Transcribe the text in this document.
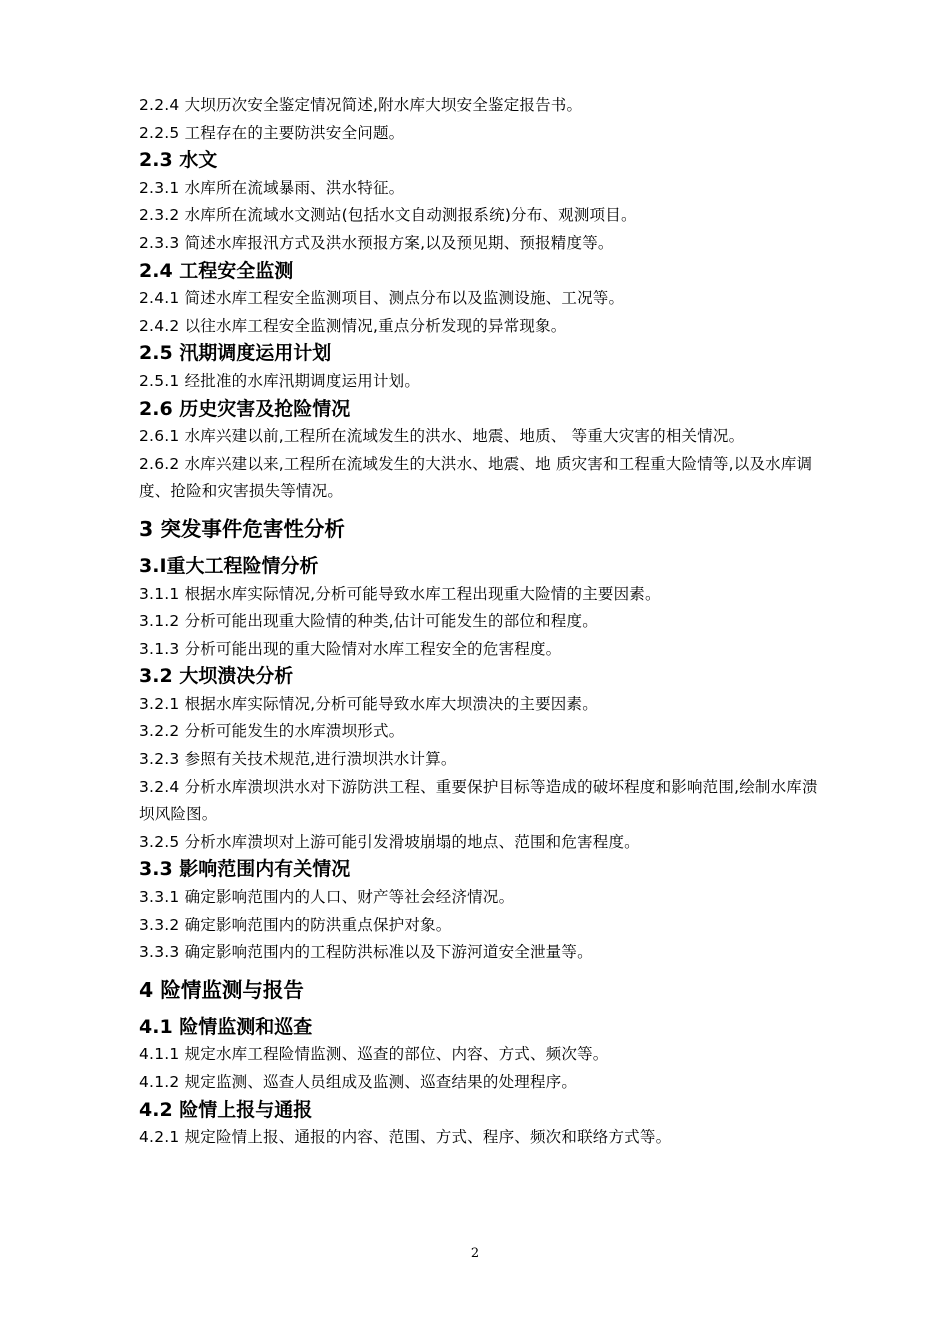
2.2.4 大坝历次安全鉴定情况简述,附水库大坝安全鉴定报告书。
2.2.5 工程存在的主要防洪安全问题。
2.3 水文
2.3.1 水库所在流域暴雨、洪水特征。
2.3.2 水库所在流域水文测站(包括水文自动测报系统)分布、观测项目。
2.3.3 简述水库报汛方式及洪水预报方案,以及预见期、预报精度等。
2.4 工程安全监测
2.4.1 简述水库工程安全监测项目、测点分布以及监测设施、工况等。
2.4.2 以往水库工程安全监测情况,重点分析发现的异常现象。
2.5 汛期调度运用计划
2.5.1 经批准的水库汛期调度运用计划。
2.6 历史灾害及抢险情况
2.6.1 水库兴建以前,工程所在流域发生的洪水、地震、地质、 等重大灾害的相关情况。
2.6.2 水库兴建以来,工程所在流域发生的大洪水、地震、地 质灾害和工程重大险情等,以及水库调度、抢险和灾害损失等情况。
3 突发事件危害性分析
3.Ⅰ重大工程险情分析
3.1.1 根据水库实际情况,分析可能导致水库工程出现重大险情的主要因素。
3.1.2 分析可能出现重大险情的种类,估计可能发生的部位和程度。
3.1.3 分析可能出现的重大险情对水库工程安全的危害程度。
3.2 大坝溃决分析
3.2.1 根据水库实际情况,分析可能导致水库大坝溃决的主要因素。
3.2.2 分析可能发生的水库溃坝形式。
3.2.3 参照有关技术规范,进行溃坝洪水计算。
3.2.4 分析水库溃坝洪水对下游防洪工程、重要保护目标等造成的破坏程度和影响范围,绘制水库溃坝风险图。
3.2.5 分析水库溃坝对上游可能引发滑坡崩塌的地点、范围和危害程度。
3.3 影响范围内有关情况
3.3.1 确定影响范围内的人口、财产等社会经济情况。
3.3.2 确定影响范围内的防洪重点保护对象。
3.3.3 确定影响范围内的工程防洪标准以及下游河道安全泄量等。
4 险情监测与报告
4.1 险情监测和巡查
4.1.1 规定水库工程险情监测、巡查的部位、内容、方式、频次等。
4.1.2 规定监测、巡查人员组成及监测、巡查结果的处理程序。
4.2 险情上报与通报
4.2.1 规定险情上报、通报的内容、范围、方式、程序、频次和联络方式等。
2
